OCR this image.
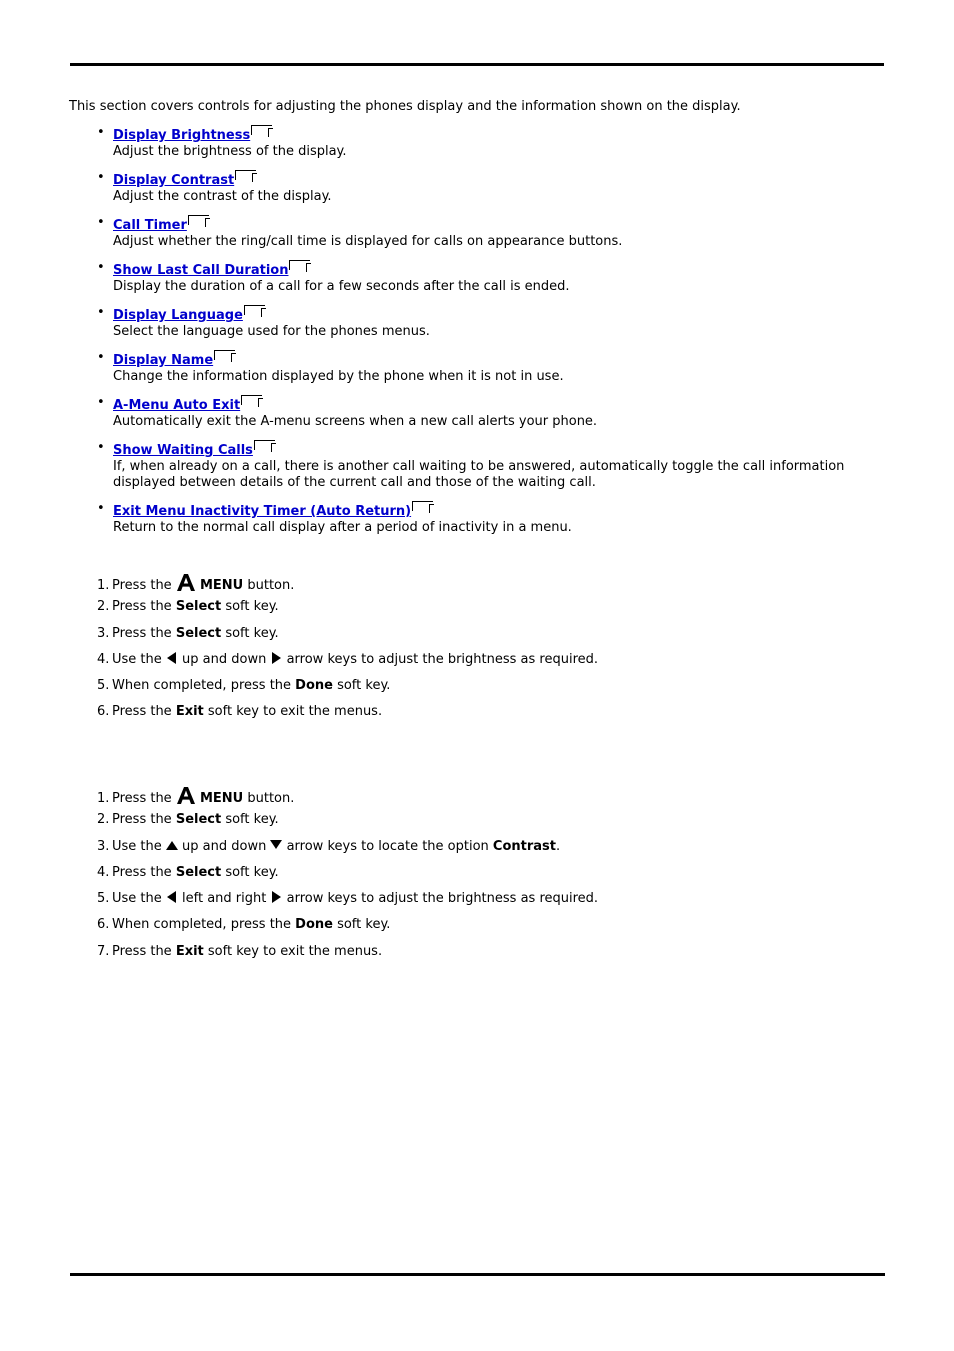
This section covers controls for adjusting the phones display and the information shown on the display.

• Display Brightness
Adjust the brightness of the display.
• Display Contrast
Adjust the contrast of the display.
• Call Timer
Adjust whether the ring/call time is displayed for calls on appearance buttons.
• Show Last Call Duration
Display the duration of a call for a few seconds after the call is ended.
• Display Language
Select the language used for the phones menus.
• Display Name
Change the information displayed by the phone when it is not in use.
• A-Menu Auto Exit
Automatically exit the A-menu screens when a new call alerts your phone.
• Show Waiting Calls
If, when already on a call, there is another call waiting to be answered, automatically toggle the call information displayed between details of the current call and those of the waiting call.
• Exit Menu Inactivity Timer (Auto Return)
Return to the normal call display after a period of inactivity in a menu.
1. Press the  MENU button.
2. Press the Select soft key.
3. Press the Select soft key.
4. Use the  up and down  arrow keys to adjust the brightness as required.
5. When completed, press the Done soft key.
6. Press the Exit soft key to exit the menus.
1. Press the  MENU button.
2. Press the Select soft key.
3. Use the  up and down  arrow keys to locate the option Contrast.
4. Press the Select soft key.
5. Use the  left and right  arrow keys to adjust the brightness as required.
6. When completed, press the Done soft key.
7. Press the Exit soft key to exit the menus.
